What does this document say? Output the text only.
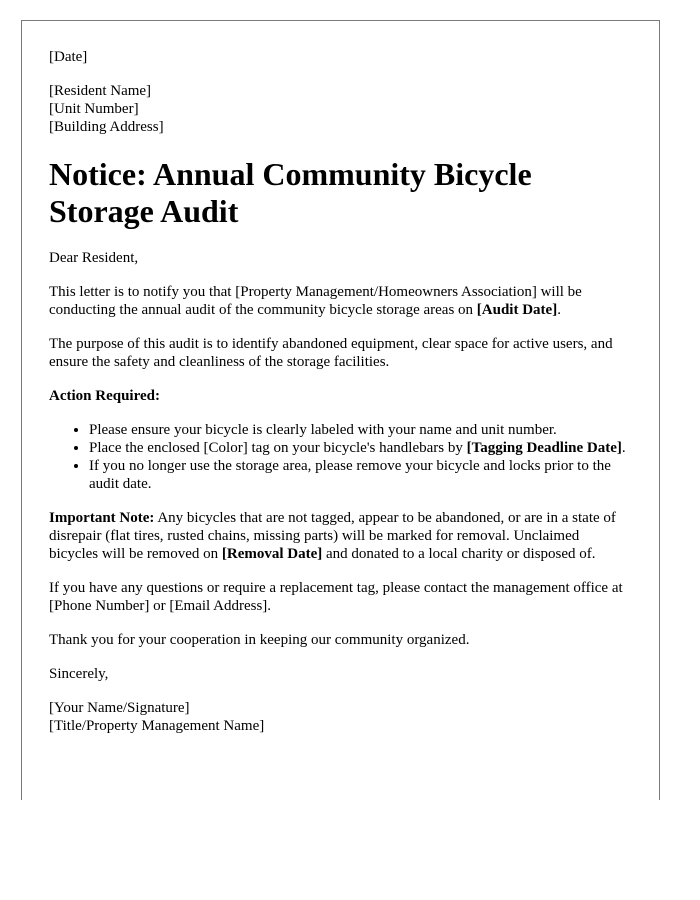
[Date]

[Resident Name]

[Unit Number]

[Building Address]

Notice: Annual Community Bicycle Storage Audit

Dear Resident,

This letter is to notify you that [Property Management/Homeowners Association] will be conducting the annual audit of the community bicycle storage areas on [Audit Date].

The purpose of this audit is to identify abandoned equipment, clear space for active users, and ensure the safety and cleanliness of the storage facilities.

Action Required:

• Please ensure your bicycle is clearly labeled with your name and unit number.
• Place the enclosed [Color] tag on your bicycle's handlebars by [Tagging Deadline Date].
• If you no longer use the storage area, please remove your bicycle and locks prior to the audit date.

Important Note: Any bicycles that are not tagged, appear to be abandoned, or are in a state of disrepair (flat tires, rusted chains, missing parts) will be marked for removal. Unclaimed bicycles will be removed on [Removal Date] and donated to a local charity or disposed of.

If you have any questions or require a replacement tag, please contact the management office at [Phone Number] or [Email Address].

Thank you for your cooperation in keeping our community organized.

Sincerely,

[Your Name/Signature]

[Title/Property Management Name]
